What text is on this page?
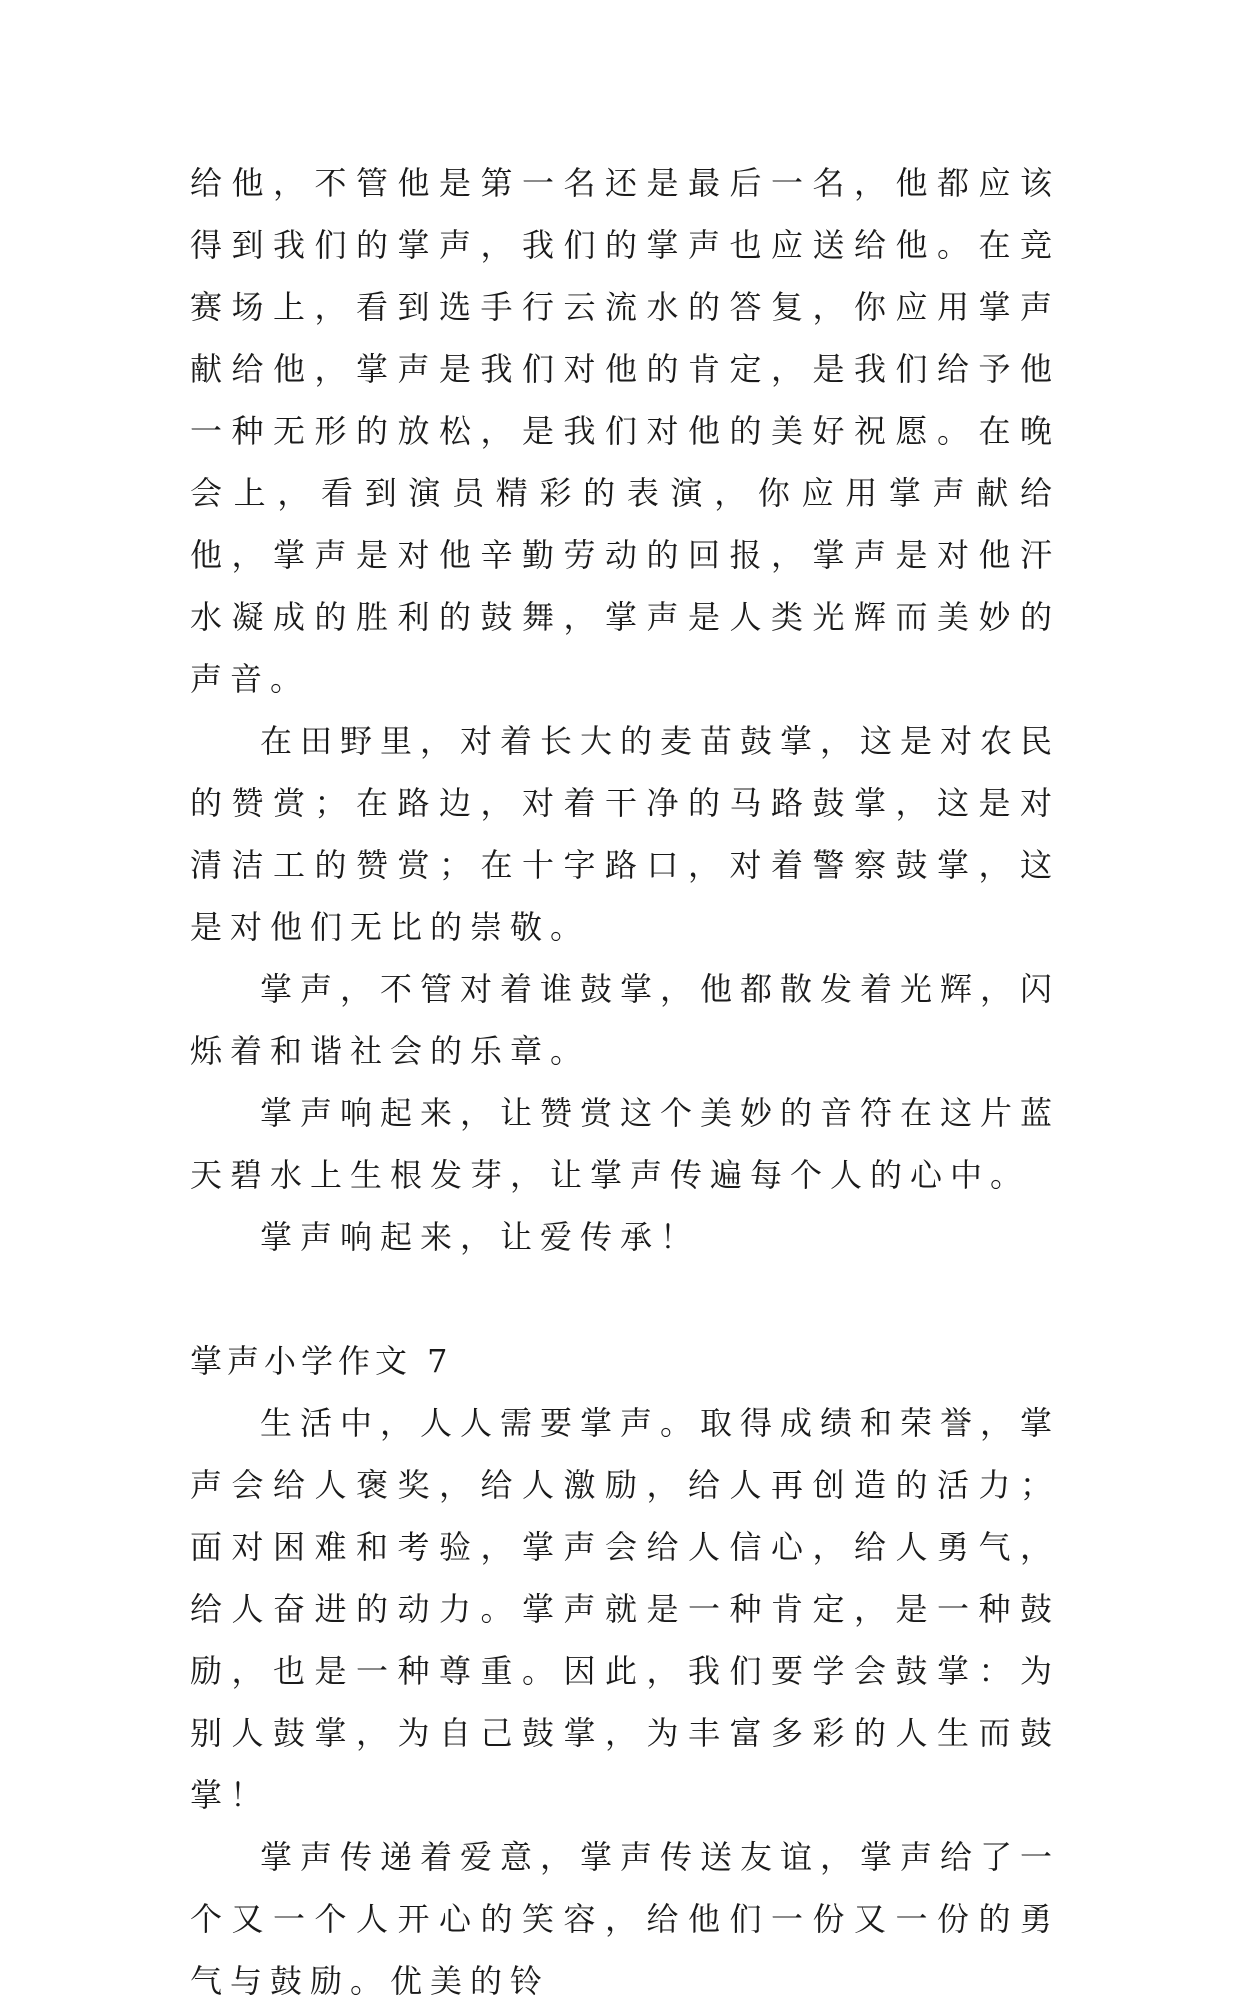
给他，不管他是第一名还是最后一名，他都应该得到我们的掌声，我们的掌声也应送给他。在竞赛场上，看到选手行云流水的答复，你应用掌声献给他，掌声是我们对他的肯定，是我们给予他一种无形的放松，是我们对他的美好祝愿。在晚会上，看到演员精彩的表演，你应用掌声献给他，掌声是对他辛勤劳动的回报，掌声是对他汗水凝成的胜利的鼓舞，掌声是人类光辉而美妙的声音。

在田野里，对着长大的麦苗鼓掌，这是对农民的赞赏；在路边，对着干净的马路鼓掌，这是对清洁工的赞赏；在十字路口，对着警察鼓掌，这是对他们无比的崇敬。

掌声，不管对着谁鼓掌，他都散发着光辉，闪烁着和谐社会的乐章。

掌声响起来，让赞赏这个美妙的音符在这片蓝天碧水上生根发芽，让掌声传遍每个人的心中。

掌声响起来，让爱传承！

掌声小学作文 7

生活中，人人需要掌声。取得成绩和荣誉，掌声会给人褒奖，给人激励，给人再创造的活力；面对困难和考验，掌声会给人信心，给人勇气，给人奋进的动力。掌声就是一种肯定，是一种鼓励，也是一种尊重。因此，我们要学会鼓掌：为别人鼓掌，为自己鼓掌，为丰富多彩的人生而鼓掌！

掌声传递着爱意，掌声传送友谊，掌声给了一个又一个人开心的笑容，给他们一份又一份的勇气与鼓励。优美的铃
